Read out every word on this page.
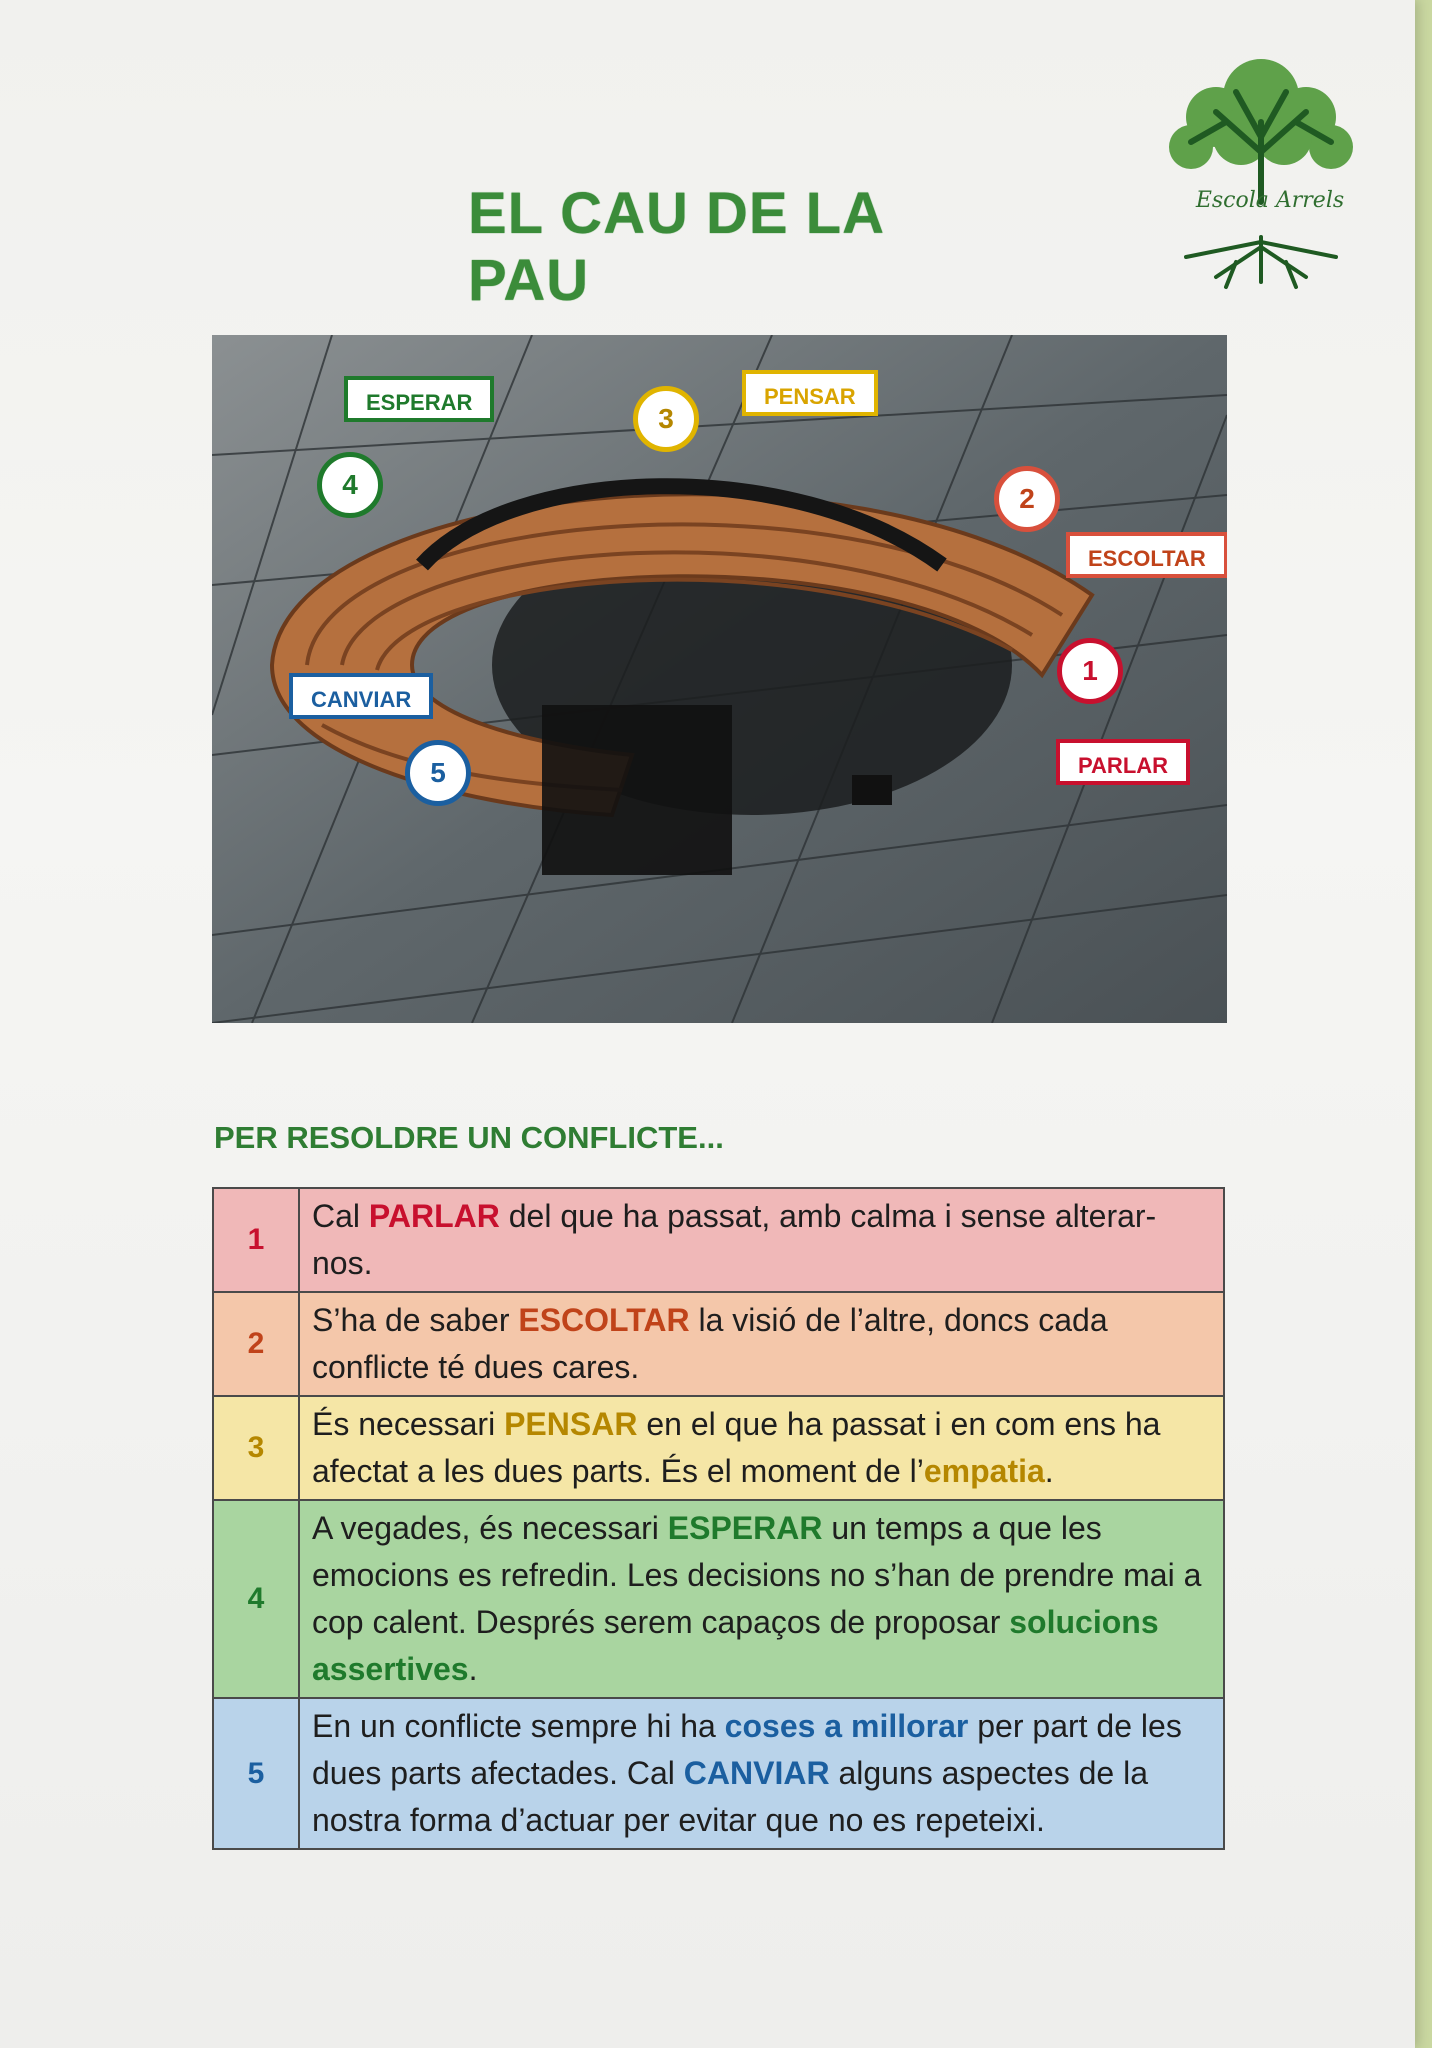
EL CAU DE LA PAU
Escola Arrels
ESPERAR	PENSAR
ESCOLTAR
PARLAR
CANVIAR
1
2
3
4
5
PER RESOLDRE UN CONFLICTE...
1	Cal PARLAR del que ha passat, amb calma i sense alterar-nos.
2	S’ha de saber ESCOLTAR la visió de l’altre, doncs cada conflicte té dues cares.
3	És necessari PENSAR en el que ha passat i en com ens ha afectat a les dues parts. És el moment de l’empatia.
4	A vegades, és necessari ESPERAR un temps a que les emocions es refredin. Les decisions no s’han de prendre mai a cop calent. Després serem capaços de proposar solucions assertives.
5	En un conflicte sempre hi ha coses a millorar per part de les dues parts afectades. Cal CANVIAR alguns aspectes de la nostra forma d’actuar per evitar que no es repeteixi.
